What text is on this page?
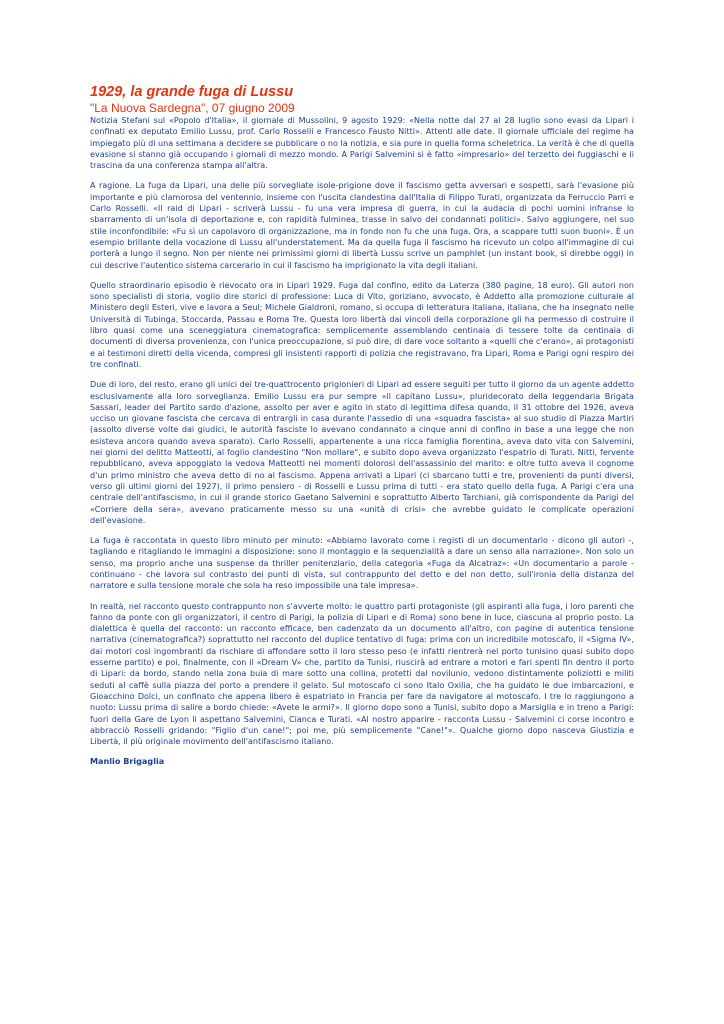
1929, la grande fuga di Lussu

"La Nuova Sardegna", 07 giugno 2009

Notizia Stefani sul «Popolo d'Italia», il giornale di Mussolini, 9 agosto 1929: «Nella notte dal 27 al 28 luglio sono evasi da Lipari i confinati ex deputato Emilio Lussu, prof. Carlo Rosselli e Francesco Fausto Nitti». Attenti alle date. Il giornale ufficiale del regime ha impiegato più di una settimana a decidere se pubblicare o no la notizia, e sia pure in quella forma scheletrica. La verità è che di quella evasione si stanno già occupando i giornali di mezzo mondo. A Parigi Salvemini si è fatto «impresario» del terzetto dei fuggiaschi e li trascina da una conferenza stampa all'altra.

A ragione. La fuga da Lipari, una delle più sorvegliate isole-prigione dove il fascismo getta avversari e sospetti, sarà l'evasione più importante e più clamorosa del ventennio, insieme con l'uscita clandestina dall'Italia di Filippo Turati, organizzata da Ferruccio Parri e Carlo Rosselli. «Il raid di Lipari - scriverà Lussu - fu una vera impresa di guerra, in cui la audacia di pochi uomini infranse lo sbarramento di un'isola di deportazione e, con rapidità fulminea, trasse in salvo dei condannati politici». Salvo aggiungere, nel suo stile inconfondibile: «Fu sì un capolavoro di organizzazione, ma in fondo non fu che una fuga. Ora, a scappare tutti suon buoni». È un esempio brillante della vocazione di Lussu all'understatement. Ma da quella fuga il fascismo ha ricevuto un colpo all'immagine di cui porterà a lungo il segno. Non per niente nei primissimi giorni di libertà Lussu scrive un pamphlet (un instant book, si direbbe oggi) in cui descrive l'autentico sistema carcerario in cui il fascismo ha imprigionato la vita degli italiani.

Quello straordinario episodio è rievocato ora in Lipari 1929. Fuga dal confino, edito da Laterza (380 pagine, 18 euro). Gli autori non sono specialisti di storia, voglio dire storici di professione: Luca di Vito, goriziano, avvocato, è Addetto alla promozione culturale al Ministero degli Esteri, vive e lavora a Seul; Michele Gialdroni, romano, si occupa di letteratura italiana, italiana, che ha insegnato nelle Università di Tubinga, Stoccarda, Passau e Roma Tre. Questa loro libertà dai vincoli della corporazione gli ha permesso di costruire il libro quasi come una sceneggiatura cinematografica: semplicemente assemblando centinaia di tessere tolte da centinaia di documenti di diversa provenienza, con l'unica preoccupazione, si può dire, di dare voce soltanto a «quelli che c'erano», ai protagonisti e ai testimoni diretti della vicenda, compresi gli insistenti rapporti di polizia che registravano, fra Lipari, Roma e Parigi ogni respiro dei tre confinati.

Due di loro, del resto, erano gli unici dei tre-quattrocento prigionieri di Lipari ad essere seguiti per tutto il giorno da un agente addetto esclusivamente alla loro sorveglianza. Emilio Lussu era pur sempre «il capitano Lussu», pluridecorato della leggendaria Brigata Sassari, leader del Partito sardo d'azione, assolto per aver e agito in stato di legittima difesa quando, il 31 ottobre del 1926, aveva ucciso un giovane fascista che cercava di entrargli in casa durante l'assedio di una «squadra fascista» al suo studio di Piazza Martiri (assolto diverse volte dai giudici, le autorità fasciste lo avevano condannato a cinque anni di confino in base a una legge che non esisteva ancora quando aveva sparato). Carlo Rosselli, appartenente a una ricca famiglia fiorentina, aveva dato vita con Salvemini, nei giorni del delitto Matteotti, al foglio clandestino "Non mollare", e subito dopo aveva organizzato l'espatrio di Turati. Nitti, fervente repubblicano, aveva appoggiato la vedova Matteotti nei momenti dolorosi dell'assassinio del marito: e oltre tutto aveva il cognome d'un primo ministro che aveva detto di no al fascismo. Appena arrivati a Lipari (ci sbarcano tutti e tre, provenienti da punti diversi, verso gli ultimi giorni del 1927), il primo pensiero - di Rosselli e Lussu prima di tutti - era stato quello della fuga. A Parigi c'era una centrale dell'antifascismo, in cui il grande storico Gaetano Salvemini e soprattutto Alberto Tarchiani, già corrispondente da Parigi del «Corriere della sera», avevano praticamente messo su una «unità di crisi» che avrebbe guidato le complicate operazioni dell'evasione.

La fuga è raccontata in questo libro minuto per minuto: «Abbiamo lavorato come i registi di un documentario - dicono gli autori -, tagliando e ritagliando le immagini a disposizione: sono il montaggio e la sequenzialità a dare un senso alla narrazione». Non solo un senso, ma proprio anche una suspense da thriller penitenziario, della categoria «Fuga da Alcatraz»: «Un documentario a parole - continuano - che lavora sul contrasto dei punti di vista, sul contrappunto del detto e del non detto, sull'ironia della distanza del narratore e sulla tensione morale che sola ha reso impossibile una tale impresa».

In realtà, nel racconto questo contrappunto non s'avverte molto: le quattro parti protagoniste (gli aspiranti alla fuga, i loro parenti che fanno da ponte con gli organizzatori, il centro di Parigi, la polizia di Lipari e di Roma) sono bene in luce, ciascuna al proprio posto. La dialettica è quella del racconto: un racconto efficace, ben cadenzato da un documento all'altro, con pagine di autentica tensione narrativa (cinematografica?) soprattutto nel racconto del duplice tentativo di fuga: prima con un incredibile motoscafo, il «Sigma IV», dai motori così ingombranti da rischiare di affondare sotto il loro stesso peso (e infatti rientrerà nel porto tunisino quasi subito dopo esserne partito) e poi, finalmente, con il «Dream V» che, partito da Tunisi, riuscirà ad entrare a motori e fari spenti fin dentro il porto di Lipari: da bordo, stando nella zona buia di mare sotto una collina, protetti dal novilunio, vedono distintamente poliziotti e militi seduti al caffè sulla piazza del porto a prendere il gelato. Sul motoscafo ci sono Italo Oxilia, che ha guidato le due imbarcazioni, e Gioacchino Dolci, un confinato che appena libero è espatriato in Francia per fare da navigatore al motoscafo. I tre lo raggiungono a nuoto: Lussu prima di salire a bordo chiede: «Avete le armi?». Il giorno dopo sono a Tunisi, subito dopo a Marsiglia e in treno a Parigi: fuori della Gare de Lyon li aspettano Salvemini, Cianca e Turati. «Al nostro apparire - racconta Lussu - Salvemini ci corse incontro e abbracciò Rosselli gridando: "Figlio d'un cane!"; poi me, più semplicemente "Cane!"». Qualche giorno dopo nasceva Giustizia e Libertà, il più originale movimento dell'antifascismo italiano.

Manlio Brigaglia
